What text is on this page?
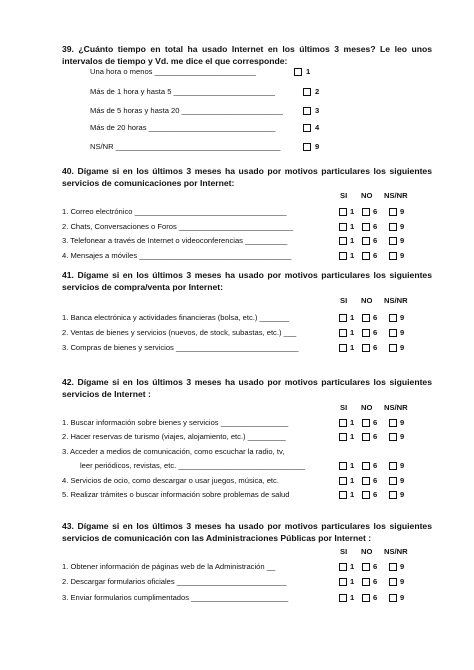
39. ¿Cuánto tiempo en total ha usado Internet en los últimos 3 meses? Le leo unos intervalos de tiempo y Vd. me dice el que corresponde:
Una hora o menos ________________________	1
Más de 1 hora y hasta 5 ________________________	2
Más de 5 horas y hasta 20 ________________________	3
Más de 20 horas ______________________________	4
NS/NR _______________________________________	9
40. Dígame si en los últimos 3 meses ha usado por motivos particulares los siguientes servicios de comunicaciones por Internet:
SI NO NS/NR
1. Correo electrónico ____________________________________	1 6	9
2. Chats, Conversaciones o Foros ___________________________	1 6	9
3. Telefonear a través de Internet o videoconferencias __________	1 6	9
4. Mensajes a móviles ____________________________________	1 6	9
41. Dígame si en los últimos 3 meses ha usado por motivos particulares los siguientes servicios de compra/venta por Internet:
SI NO NS/NR
1. Banca electrónica y actividades financieras (bolsa, etc.) _______	1 6	9
2. Ventas de bienes y servicios (nuevos, de stock, subastas, etc.) ___	1 6	9
3. Compras de bienes y servicios _____________________________	1 6	9
42. Dígame si en los últimos 3 meses ha usado por motivos particulares los siguientes servicios de Internet :
SI NO NS/NR
1. Buscar información sobre bienes y servicios ________________	1 6	9
2. Hacer reservas de turismo (viajes, alojamiento, etc.) _________	1 6	9
3. Acceder a medios de comunicación, como escuchar la radio, tv,
leer periódicos, revistas, etc. ______________________________	1 6	9
4. Servicios de ocio, como descargar o usar juegos, música, etc.	1 6	9
5. Realizar trámites o buscar información sobre problemas de salud	1 6	9
43. Dígame si en los últimos 3 meses ha usado por motivos particulares los siguientes servicios de comunicación con las Administraciones Públicas por Internet :
SI NO NS/NR
1. Obtener información de páginas web de la Administración __	1 6	9
2. Descargar formularios oficiales __________________________	1 6	9
3. Enviar formularios cumplimentados _______________________	1 6	9
